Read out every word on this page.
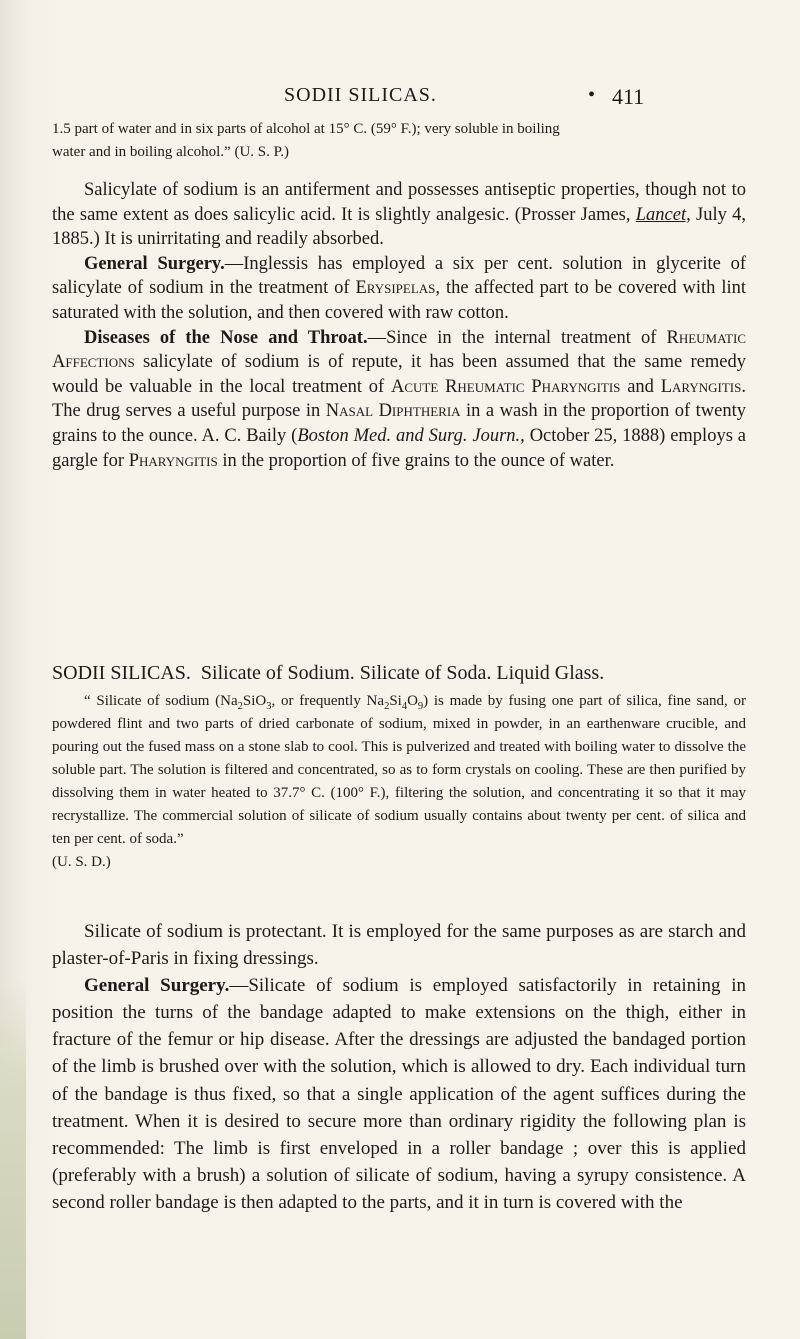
SODII SILICAS.	• 411

1.5 part of water and in six parts of alcohol at 15° C. (59° F.); very soluble in boiling

water and in boiling alcohol.” (U. S. P.)

Salicylate of sodium is an antiferment and possesses antiseptic properties, though not to the same extent as does salicylic acid. It is slightly analgesic. (Prosser James, Lancet, July 4, 1885.) It is unirritating and readily absorbed.

General Surgery.—Inglessis has employed a six per cent. solution in glycerite of salicylate of sodium in the treatment of Erysipelas, the affected part to be covered with lint saturated with the solution, and then covered with raw cotton.

Diseases of the Nose and Throat.—Since in the internal treatment of Rheumatic Affections salicylate of sodium is of repute, it has been assumed that the same remedy would be valuable in the local treatment of Acute Rheumatic Pharyngitis and Laryngitis. The drug serves a useful purpose in Nasal Diphtheria in a wash in the proportion of twenty grains to the ounce. A. C. Baily (Boston Med. and Surg. Journ., October 25, 1888) employs a gargle for Pharyngitis in the proportion of five grains to the ounce of water.

SODII SILICAS. Silicate of Sodium. Silicate of Soda. Liquid Glass.

“ Silicate of sodium ($Na_2SiO_3$, or frequently $Na_2Si_4O_9$) is made by fusing one part of silica, fine sand, or powdered flint and two parts of dried carbonate of sodium, mixed in powder, in an earthenware crucible, and pouring out the fused mass on a stone slab to cool. This is pulverized and treated with boiling water to dissolve the soluble part. The solution is filtered and concentrated, so as to form crystals on cooling. These are then purified by dissolving them in water heated to 37.7° C. (100° F.), filtering the solution, and concentrating it so that it may recrystallize. The commercial solution of silicate of sodium usually contains about twenty per cent. of silica and ten per cent. of soda.”

(U. S. D.)

Silicate of sodium is protectant. It is employed for the same purposes as are starch and plaster-of-Paris in fixing dressings.

General Surgery.—Silicate of sodium is employed satisfactorily in retaining in position the turns of the bandage adapted to make extensions on the thigh, either in fracture of the femur or hip disease. After the dressings are adjusted the bandaged portion of the limb is brushed over with the solution, which is allowed to dry. Each individual turn of the bandage is thus fixed, so that a single application of the agent suffices during the treatment. When it is desired to secure more than ordinary rigidity the following plan is recommended: The limb is first enveloped in a roller bandage ; over this is applied (preferably with a brush) a solution of silicate of sodium, having a syrupy consistence. A second roller bandage is then adapted to the parts, and it in turn is covered with the
